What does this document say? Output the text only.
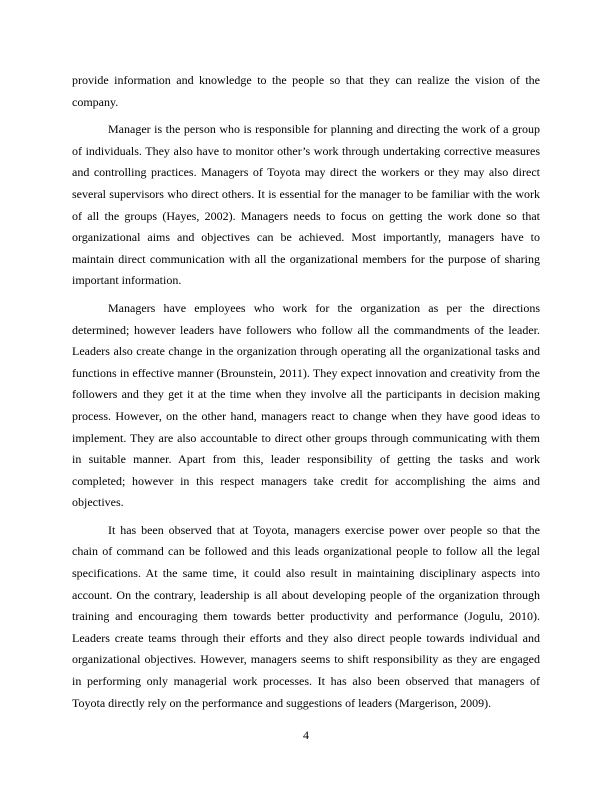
provide information and knowledge to the people so that they can realize the vision of the company.

Manager is the person who is responsible for planning and directing the work of a group of individuals. They also have to monitor other’s work through undertaking corrective measures and controlling practices. Managers of Toyota may direct the workers or they may also direct several supervisors who direct others. It is essential for the manager to be familiar with the work of all the groups (Hayes, 2002). Managers needs to focus on getting the work done so that organizational aims and objectives can be achieved. Most importantly, managers have to maintain direct communication with all the organizational members for the purpose of sharing important information.

Managers have employees who work for the organization as per the directions determined; however leaders have followers who follow all the commandments of the leader. Leaders also create change in the organization through operating all the organizational tasks and functions in effective manner (Brounstein, 2011). They expect innovation and creativity from the followers and they get it at the time when they involve all the participants in decision making process. However, on the other hand, managers react to change when they have good ideas to implement. They are also accountable to direct other groups through communicating with them in suitable manner. Apart from this, leader responsibility of getting the tasks and work completed; however in this respect managers take credit for accomplishing the aims and objectives.

It has been observed that at Toyota, managers exercise power over people so that the chain of command can be followed and this leads organizational people to follow all the legal specifications. At the same time, it could also result in maintaining disciplinary aspects into account. On the contrary, leadership is all about developing people of the organization through training and encouraging them towards better productivity and performance (Jogulu, 2010). Leaders create teams through their efforts and they also direct people towards individual and organizational objectives. However, managers seems to shift responsibility as they are engaged in performing only managerial work processes. It has also been observed that managers of Toyota directly rely on the performance and suggestions of leaders (Margerison, 2009).

4
